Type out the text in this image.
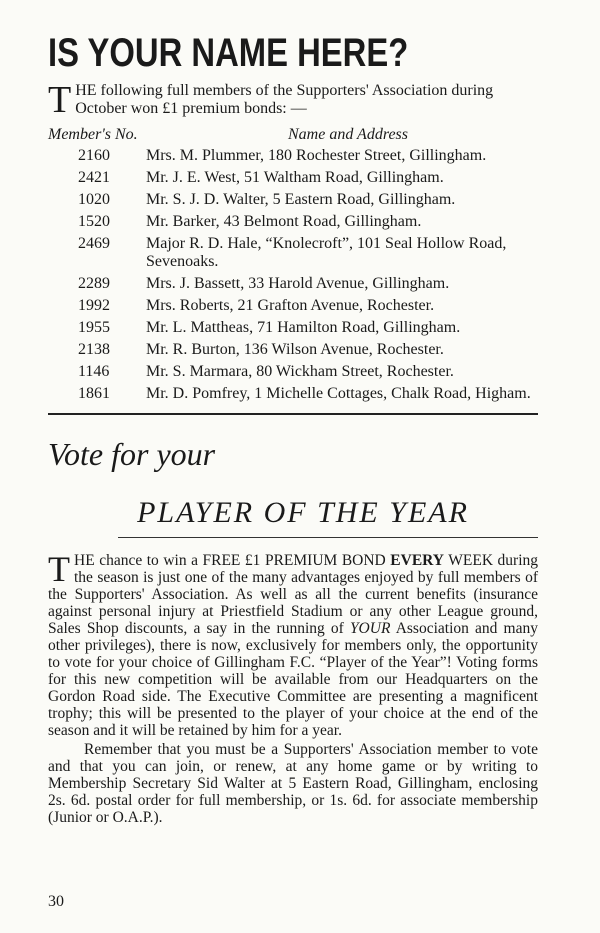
IS YOUR NAME HERE?
THE following full members of the Supporters' Association during October won £1 premium bonds: —
Member's No.	Name and Address
2160	Mrs. M. Plummer, 180 Rochester Street, Gillingham.
2421	Mr. J. E. West, 51 Waltham Road, Gillingham.
1020	Mr. S. J. D. Walter, 5 Eastern Road, Gillingham.
1520	Mr. Barker, 43 Belmont Road, Gillingham.
2469	Major R. D. Hale, “Knolecroft”, 101 Seal Hollow Road, Sevenoaks.
2289	Mrs. J. Bassett, 33 Harold Avenue, Gillingham.
1992	Mrs. Roberts, 21 Grafton Avenue, Rochester.
1955	Mr. L. Mattheas, 71 Hamilton Road, Gillingham.
2138	Mr. R. Burton, 136 Wilson Avenue, Rochester.
1146	Mr. S. Marmara, 80 Wickham Street, Rochester.
1861	Mr. D. Pomfrey, 1 Michelle Cottages, Chalk Road, Higham.
Vote for your
PLAYER OF THE YEAR
THE chance to win a FREE £1 PREMIUM BOND EVERY WEEK during the season is just one of the many advantages enjoyed by full members of the Supporters' Association. As well as all the current benefits (insurance against personal injury at Priestfield Stadium or any other League ground, Sales Shop discounts, a say in the running of YOUR Association and many other privileges), there is now, exclusively for members only, the opportunity to vote for your choice of Gillingham F.C. “Player of the Year”! Voting forms for this new competition will be available from our Headquarters on the Gordon Road side. The Executive Committee are presenting a magnificent trophy; this will be presented to the player of your choice at the end of the season and it will be retained by him for a year.
Remember that you must be a Supporters' Association member to vote and that you can join, or renew, at any home game or by writing to Membership Secretary Sid Walter at 5 Eastern Road, Gillingham, enclosing 2s. 6d. postal order for full membership, or 1s. 6d. for associate membership (Junior or O.A.P.).
30
